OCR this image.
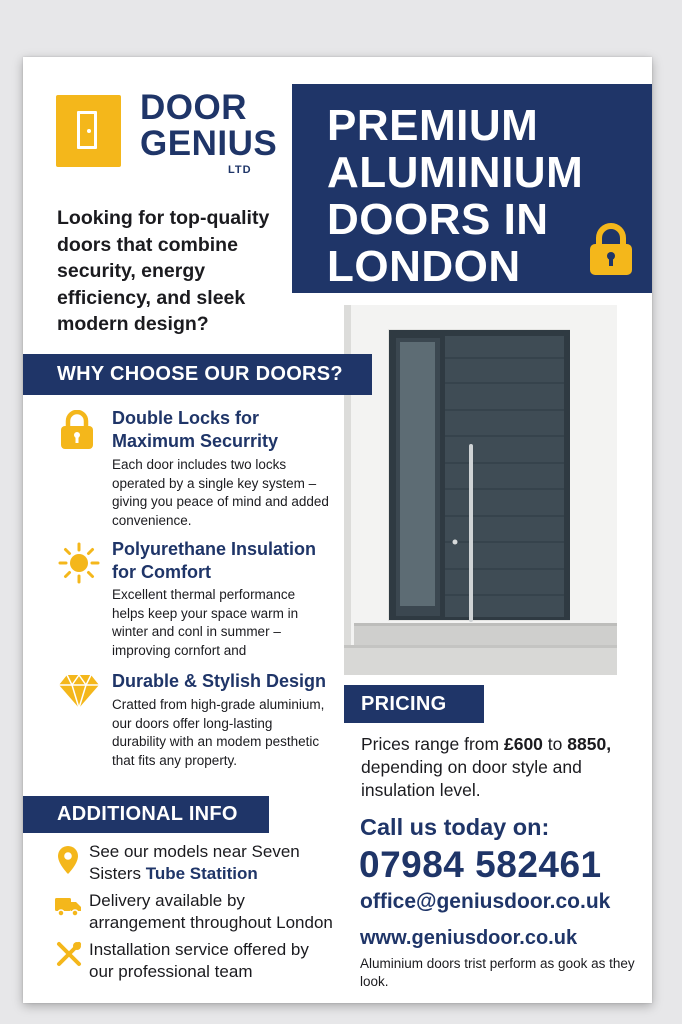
DOOR
GENIUS
LTD
PREMIUM ALUMINIUM DOORS IN LONDON
Looking for top-quality doors that combine security, energy efficiency, and sleek modern design?
WHY CHOOSE OUR DOORS?
Double Locks for Maximum Securrity
Each door includes two locks operated by a single key system – giving you peace of mind and added convenience.
Polyurethane Insulation for Comfort
Excellent thermal performance helps keep your space warm in winter and conl in summer – improving cornfort and
Durable & Stylish Design
Cratted from high-grade aluminium, our doors offer long-lasting durability with an modem pesthetic that fits any property.
ADDITIONAL INFO
See our models near Seven Sisters Tube Statition
Delivery available by arrangement throughout London
Installation service offered by our professional team
PRICING
Prices range from £600 to 8850, depending on door style and insulation level.
Call us today on:
07984 582461
office@geniusdoor.co.uk
www.geniusdoor.co.uk
Aluminium doors trist perform as gook as they look.
